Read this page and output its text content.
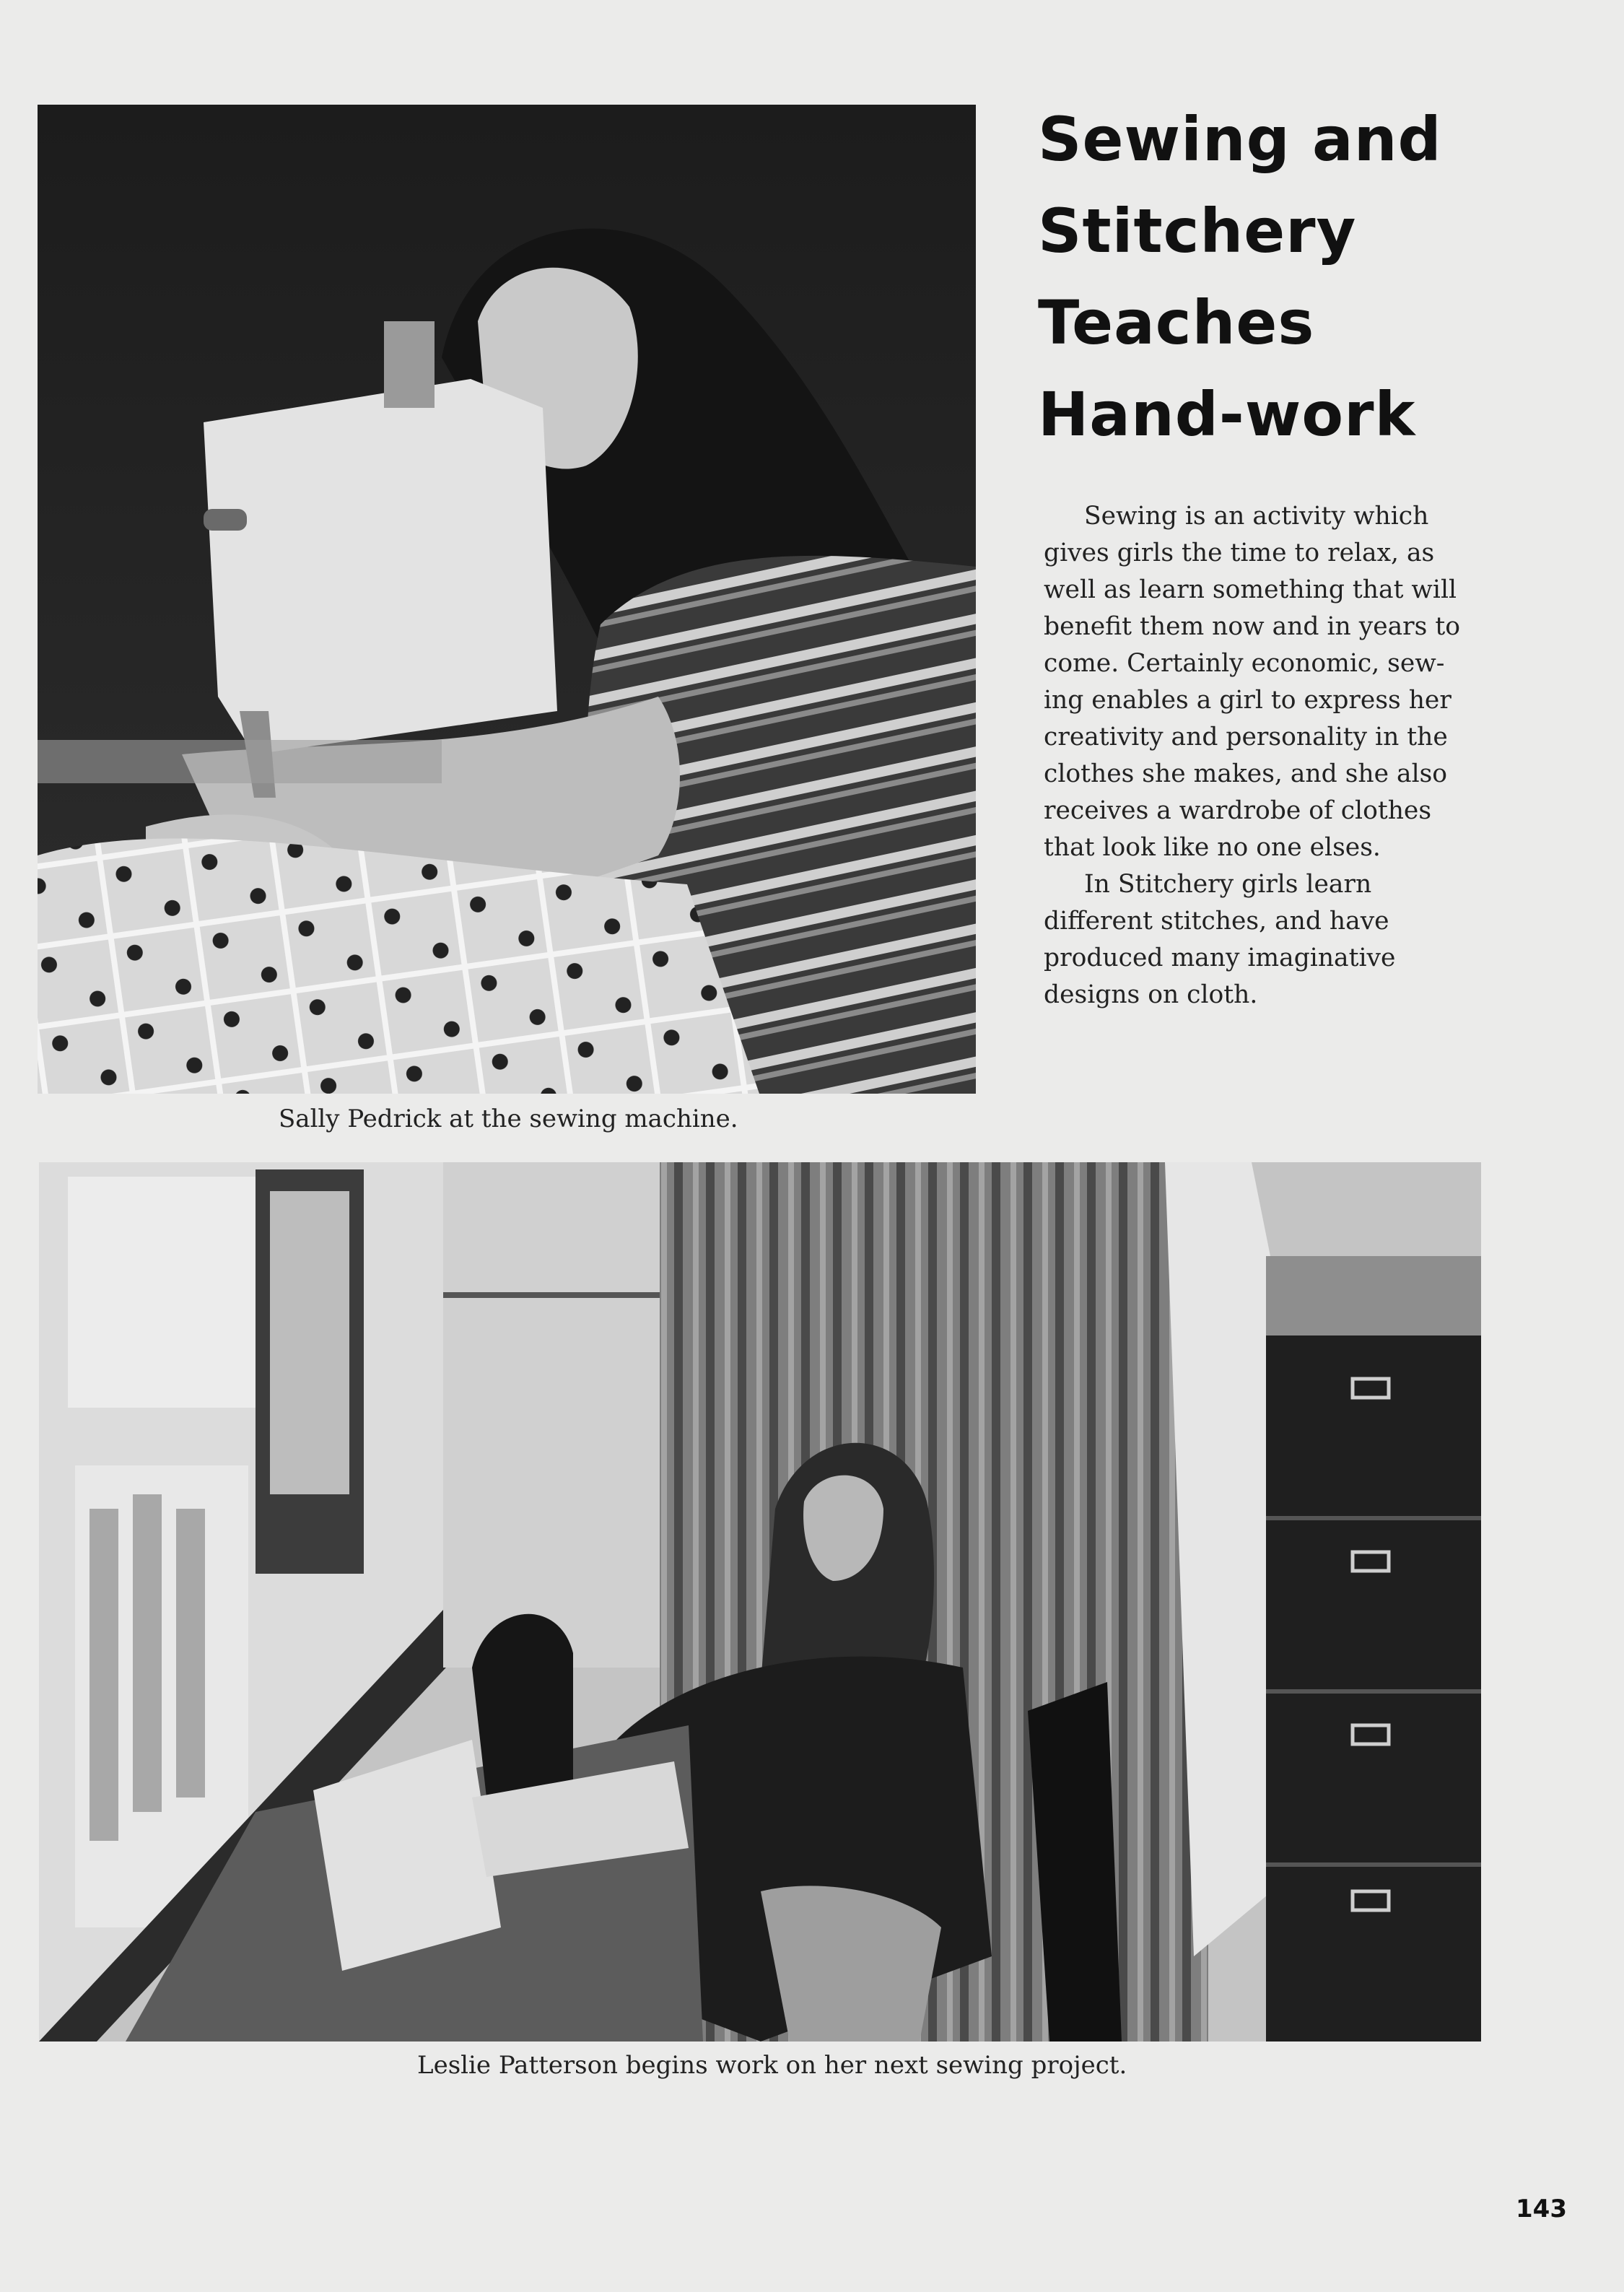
Sally Pedrick at the sewing machine.
Sewing and
Stitchery
Teaches
Hand-work

Sewing is an activity which gives girls the time to relax, as well as learn something that will benefit them now and in years to come. Certainly economic, sew-ing enables a girl to express her creativity and personality in the clothes she makes, and she also receives a wardrobe of clothes that look like no one elses.

In Stitchery girls learn different stitches, and have produced many imaginative designs on cloth.

Leslie Patterson begins work on her next sewing project.
143
